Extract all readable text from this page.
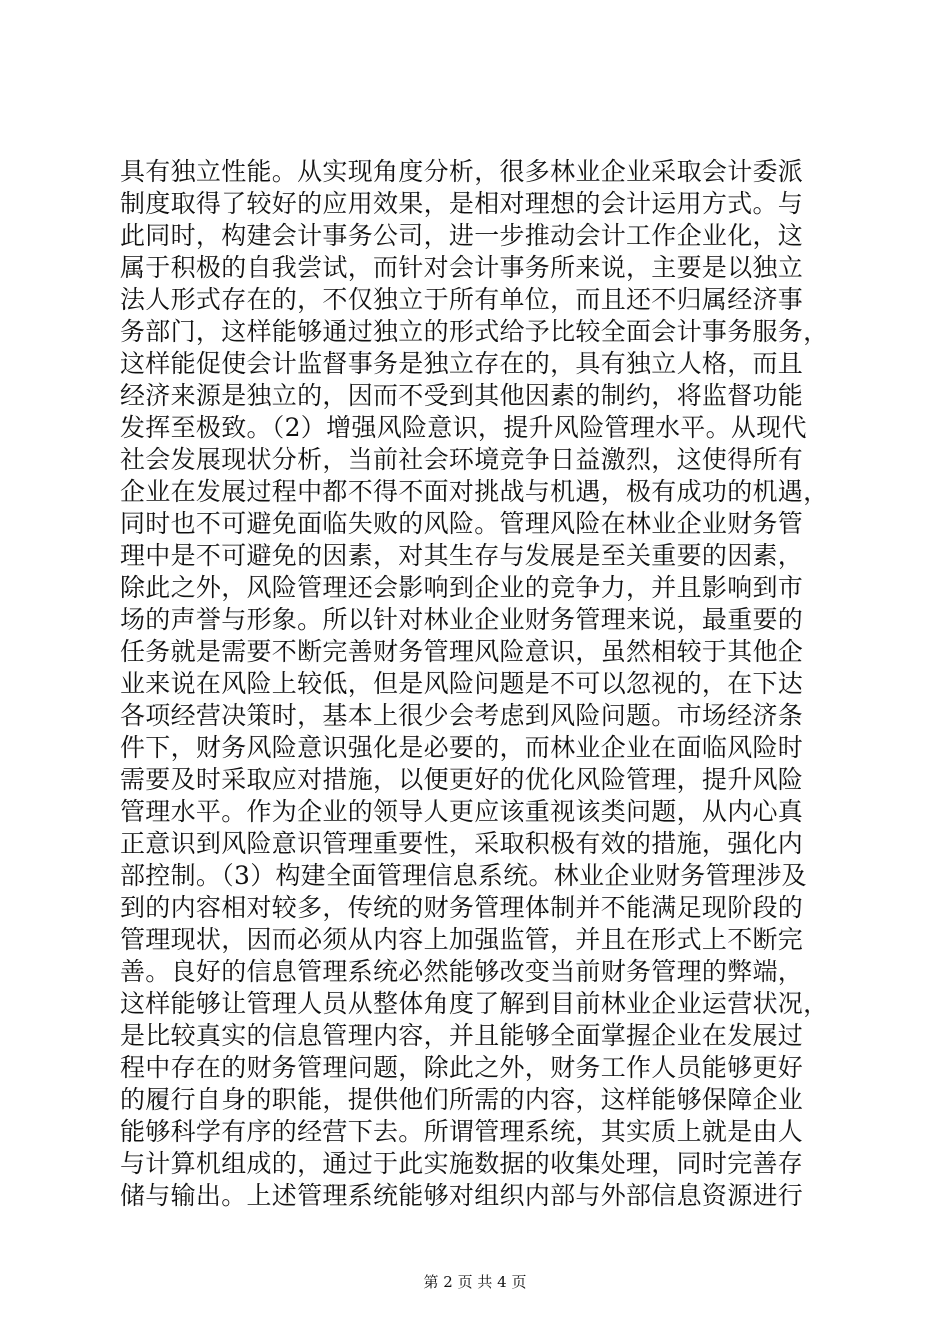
具有独立性能。从实现角度分析，很多林业企业采取会计委派
制度取得了较好的应用效果，是相对理想的会计运用方式。与
此同时，构建会计事务公司，进一步推动会计工作企业化，这
属于积极的自我尝试，而针对会计事务所来说，主要是以独立
法人形式存在的，不仅独立于所有单位，而且还不归属经济事
务部门，这样能够通过独立的形式给予比较全面会计事务服务，
这样能促使会计监督事务是独立存在的，具有独立人格，而且
经济来源是独立的，因而不受到其他因素的制约，将监督功能
发挥至极致。（2）增强风险意识，提升风险管理水平。从现代
社会发展现状分析，当前社会环境竞争日益激烈，这使得所有
企业在发展过程中都不得不面对挑战与机遇，极有成功的机遇，
同时也不可避免面临失败的风险。管理风险在林业企业财务管
理中是不可避免的因素，对其生存与发展是至关重要的因素，
除此之外，风险管理还会影响到企业的竞争力，并且影响到市
场的声誉与形象。所以针对林业企业财务管理来说，最重要的
任务就是需要不断完善财务管理风险意识，虽然相较于其他企
业来说在风险上较低，但是风险问题是不可以忽视的，在下达
各项经营决策时，基本上很少会考虑到风险问题。市场经济条
件下，财务风险意识强化是必要的，而林业企业在面临风险时
需要及时采取应对措施，以便更好的优化风险管理，提升风险
管理水平。作为企业的领导人更应该重视该类问题，从内心真
正意识到风险意识管理重要性，采取积极有效的措施，强化内
部控制。（3）构建全面管理信息系统。林业企业财务管理涉及
到的内容相对较多，传统的财务管理体制并不能满足现阶段的
管理现状，因而必须从内容上加强监管，并且在形式上不断完
善。良好的信息管理系统必然能够改变当前财务管理的弊端，
这样能够让管理人员从整体角度了解到目前林业企业运营状况，
是比较真实的信息管理内容，并且能够全面掌握企业在发展过
程中存在的财务管理问题，除此之外，财务工作人员能够更好
的履行自身的职能，提供他们所需的内容，这样能够保障企业
能够科学有序的经营下去。所谓管理系统，其实质上就是由人
与计算机组成的，通过于此实施数据的收集处理，同时完善存
储与输出。上述管理系统能够对组织内部与外部信息资源进行
第 2 页 共 4 页
